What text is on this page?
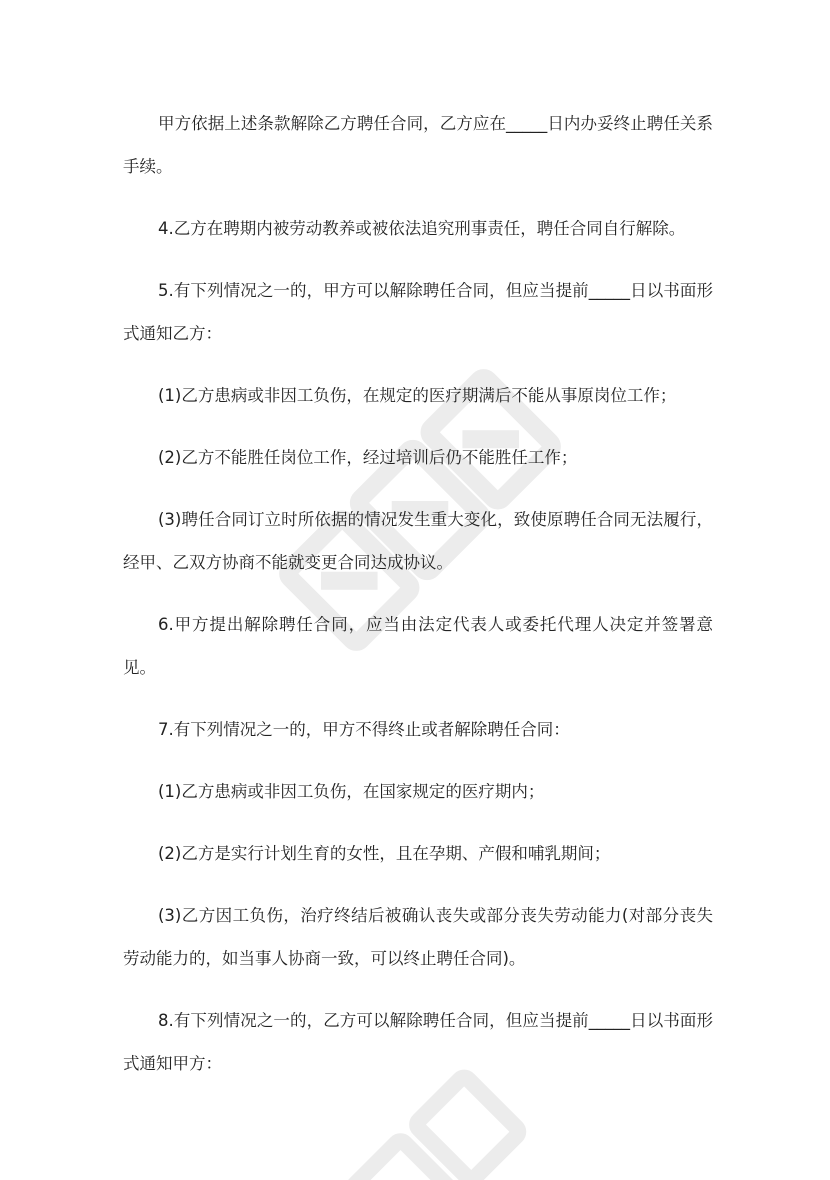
甲方依据上述条款解除乙方聘任合同，乙方应在_____日内办妥终止聘任关系手续。

4.乙方在聘期内被劳动教养或被依法追究刑事责任，聘任合同自行解除。

5.有下列情况之一的，甲方可以解除聘任合同，但应当提前_____日以书面形式通知乙方：

(1)乙方患病或非因工负伤，在规定的医疗期满后不能从事原岗位工作；

(2)乙方不能胜任岗位工作，经过培训后仍不能胜任工作；

(3)聘任合同订立时所依据的情况发生重大变化，致使原聘任合同无法履行，经甲、乙双方协商不能就变更合同达成协议。

6.甲方提出解除聘任合同，应当由法定代表人或委托代理人决定并签署意见。

7.有下列情况之一的，甲方不得终止或者解除聘任合同：

(1)乙方患病或非因工负伤，在国家规定的医疗期内；

(2)乙方是实行计划生育的女性，且在孕期、产假和哺乳期间；

(3)乙方因工负伤，治疗终结后被确认丧失或部分丧失劳动能力(对部分丧失劳动能力的，如当事人协商一致，可以终止聘任合同)。

8.有下列情况之一的，乙方可以解除聘任合同，但应当提前_____日以书面形式通知甲方：
